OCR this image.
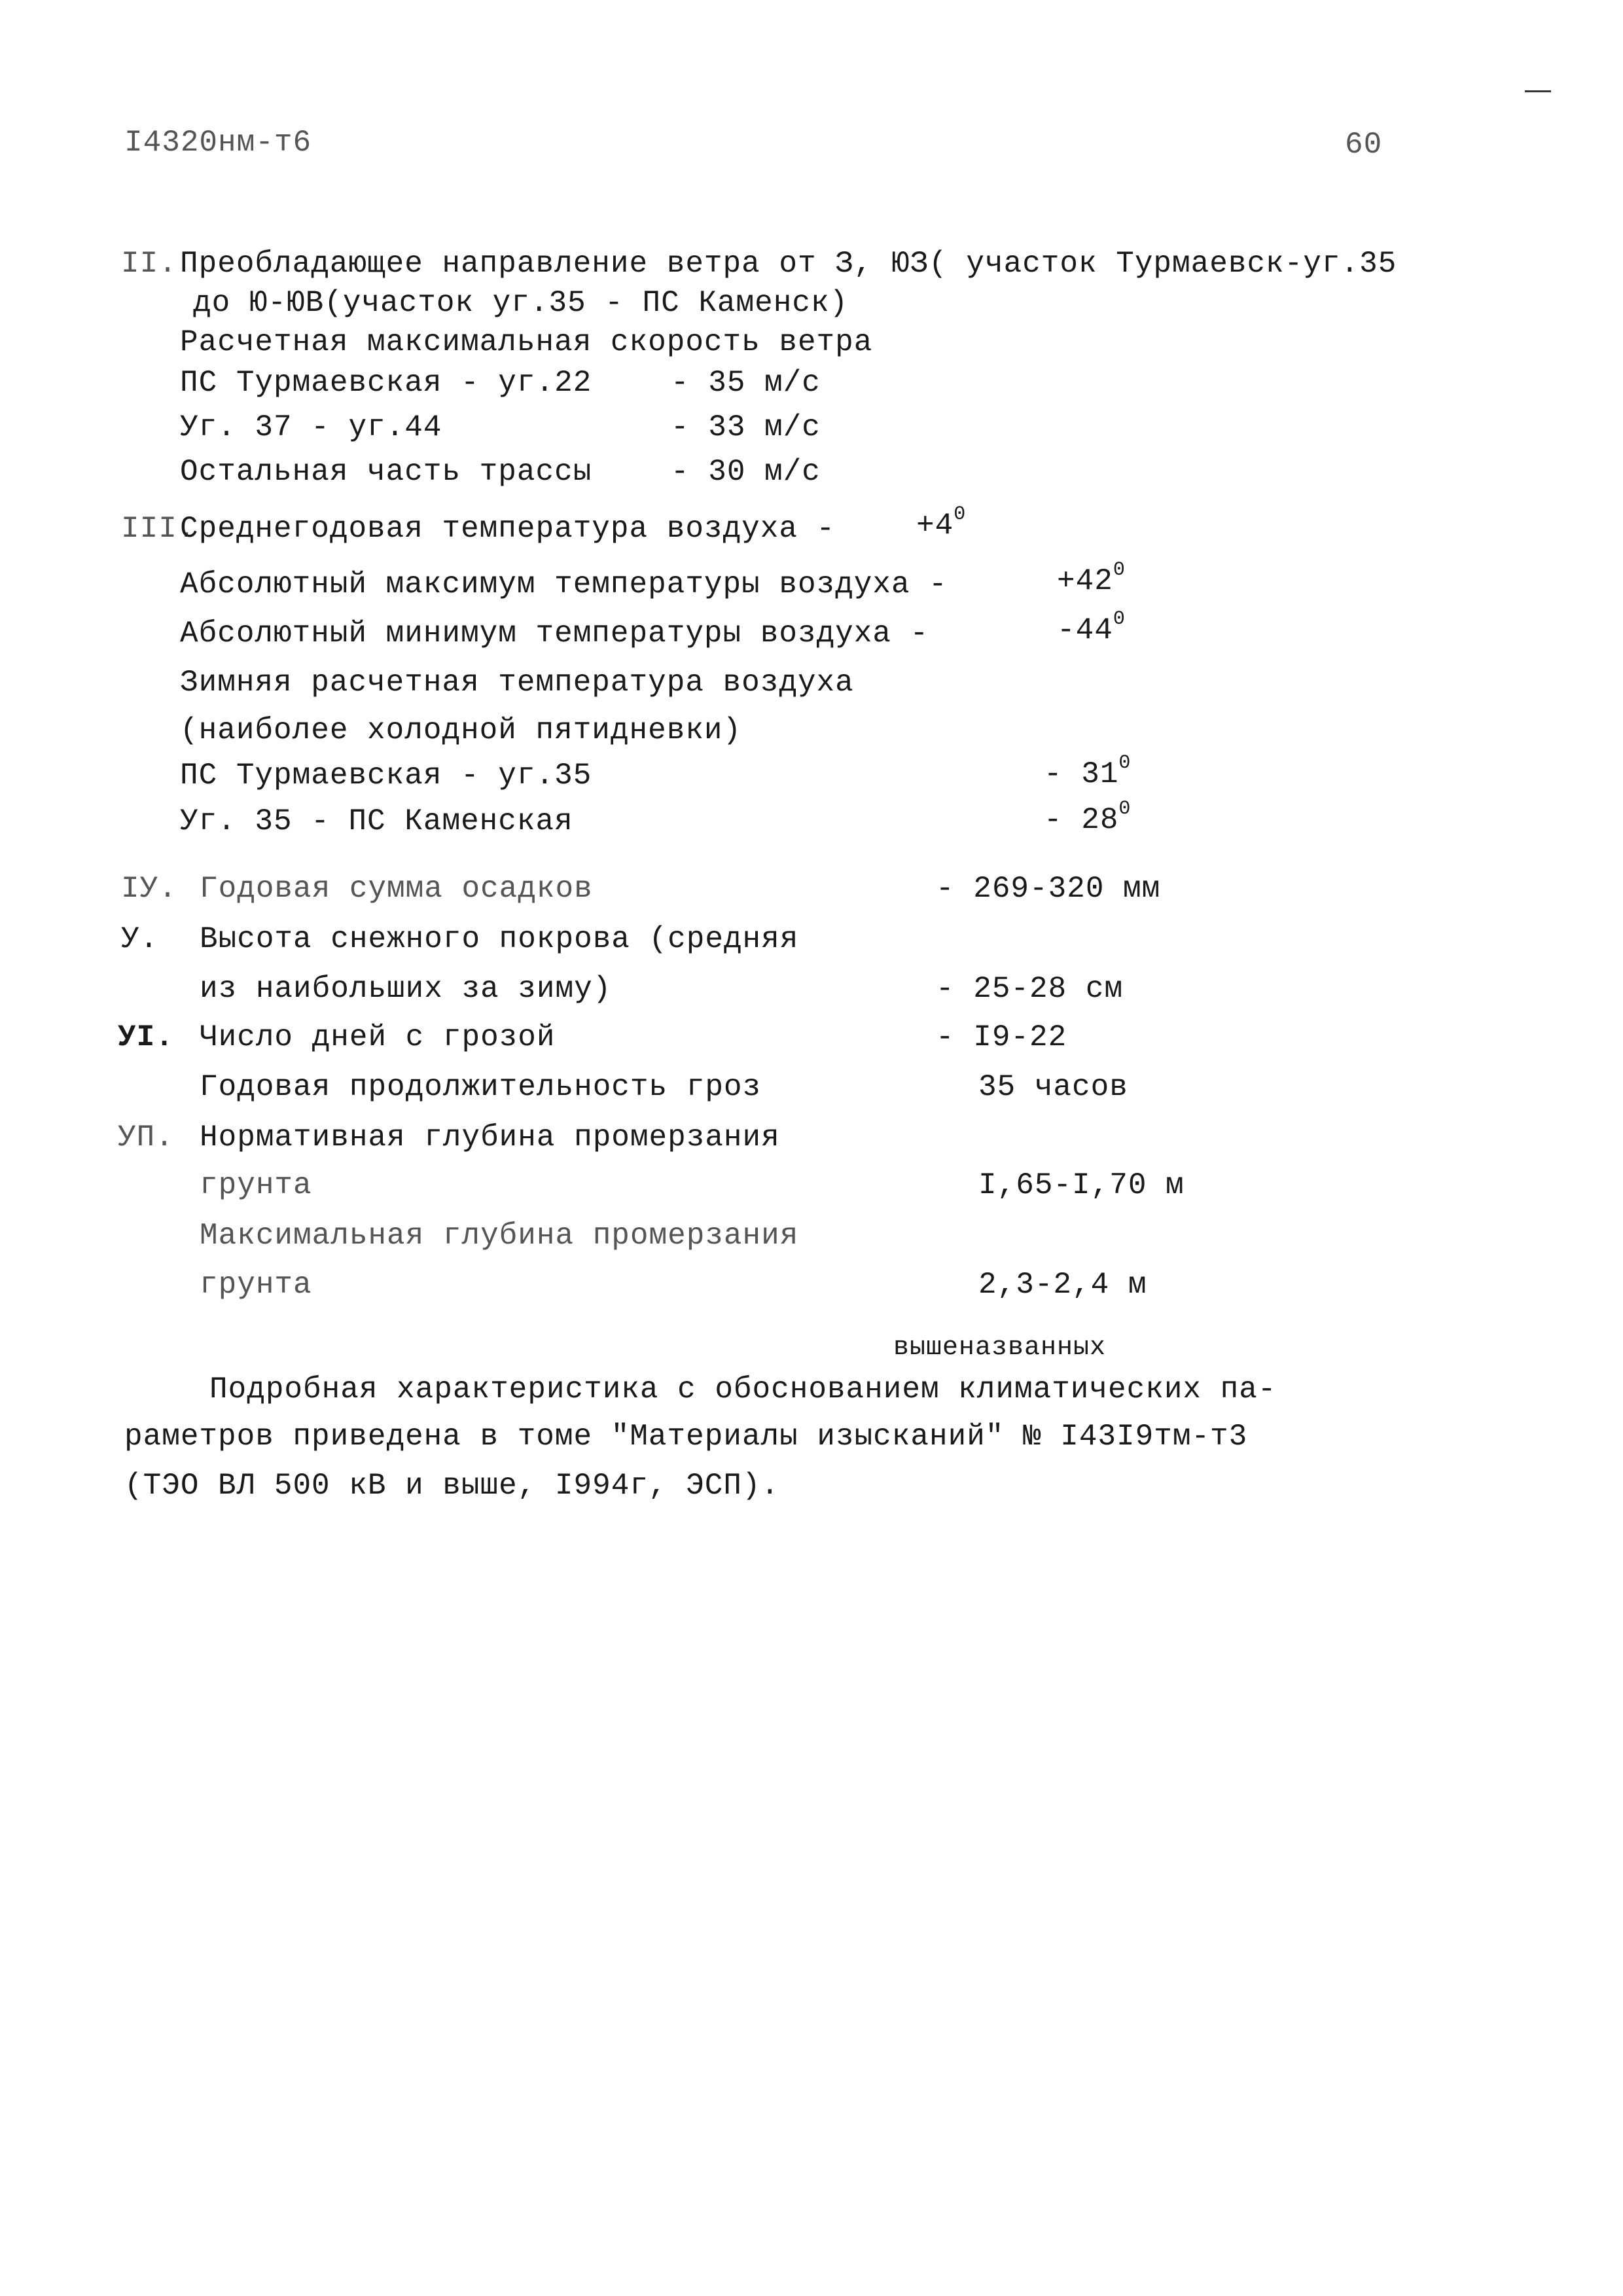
I4320нм-т6	60
II. Преобладающее направление ветра от З, ЮЗ( участок Турмаевск-уг.35
до Ю-ЮВ(участок уг.35 - ПС Каменск)
Расчетная максимальная скорость ветра
ПС Турмаевская - уг.22	- 35 м/с
Уг. 37 - уг.44	- 33 м/с
Остальная часть трассы	- 30 м/с
III.
Среднегодовая температура воздуха -	$+4^0$
Абсолютный максимум температуры воздуха -	$+42^0$
Абсолютный минимум температуры воздуха -	$-44^0$
Зимняя расчетная температура воздуха
(наиболее холодной пятидневки)
ПС Турмаевская - уг.35	- $31^0$
Уг. 35 - ПС Каменская	- $28^0$
IУ. Годовая сумма осадков	- 269-320 мм
У. Высота снежного покрова (средняя
из наибольших за зиму)	- 25-28 см
УI. Число дней с грозой	- I9-22
Годовая продолжительность гроз	35 часов
УП. Нормативная глубина промерзания
грунта	I,65-I,70 м
Максимальная глубина промерзания
грунта	2,3-2,4 м
вышеназванных
Подробная характеристика с обоснованием климатических па-
раметров приведена в томе "Материалы изысканий" № I43I9тм-т3
(ТЭО ВЛ 500 кВ и выше, I994г, ЭСП).
